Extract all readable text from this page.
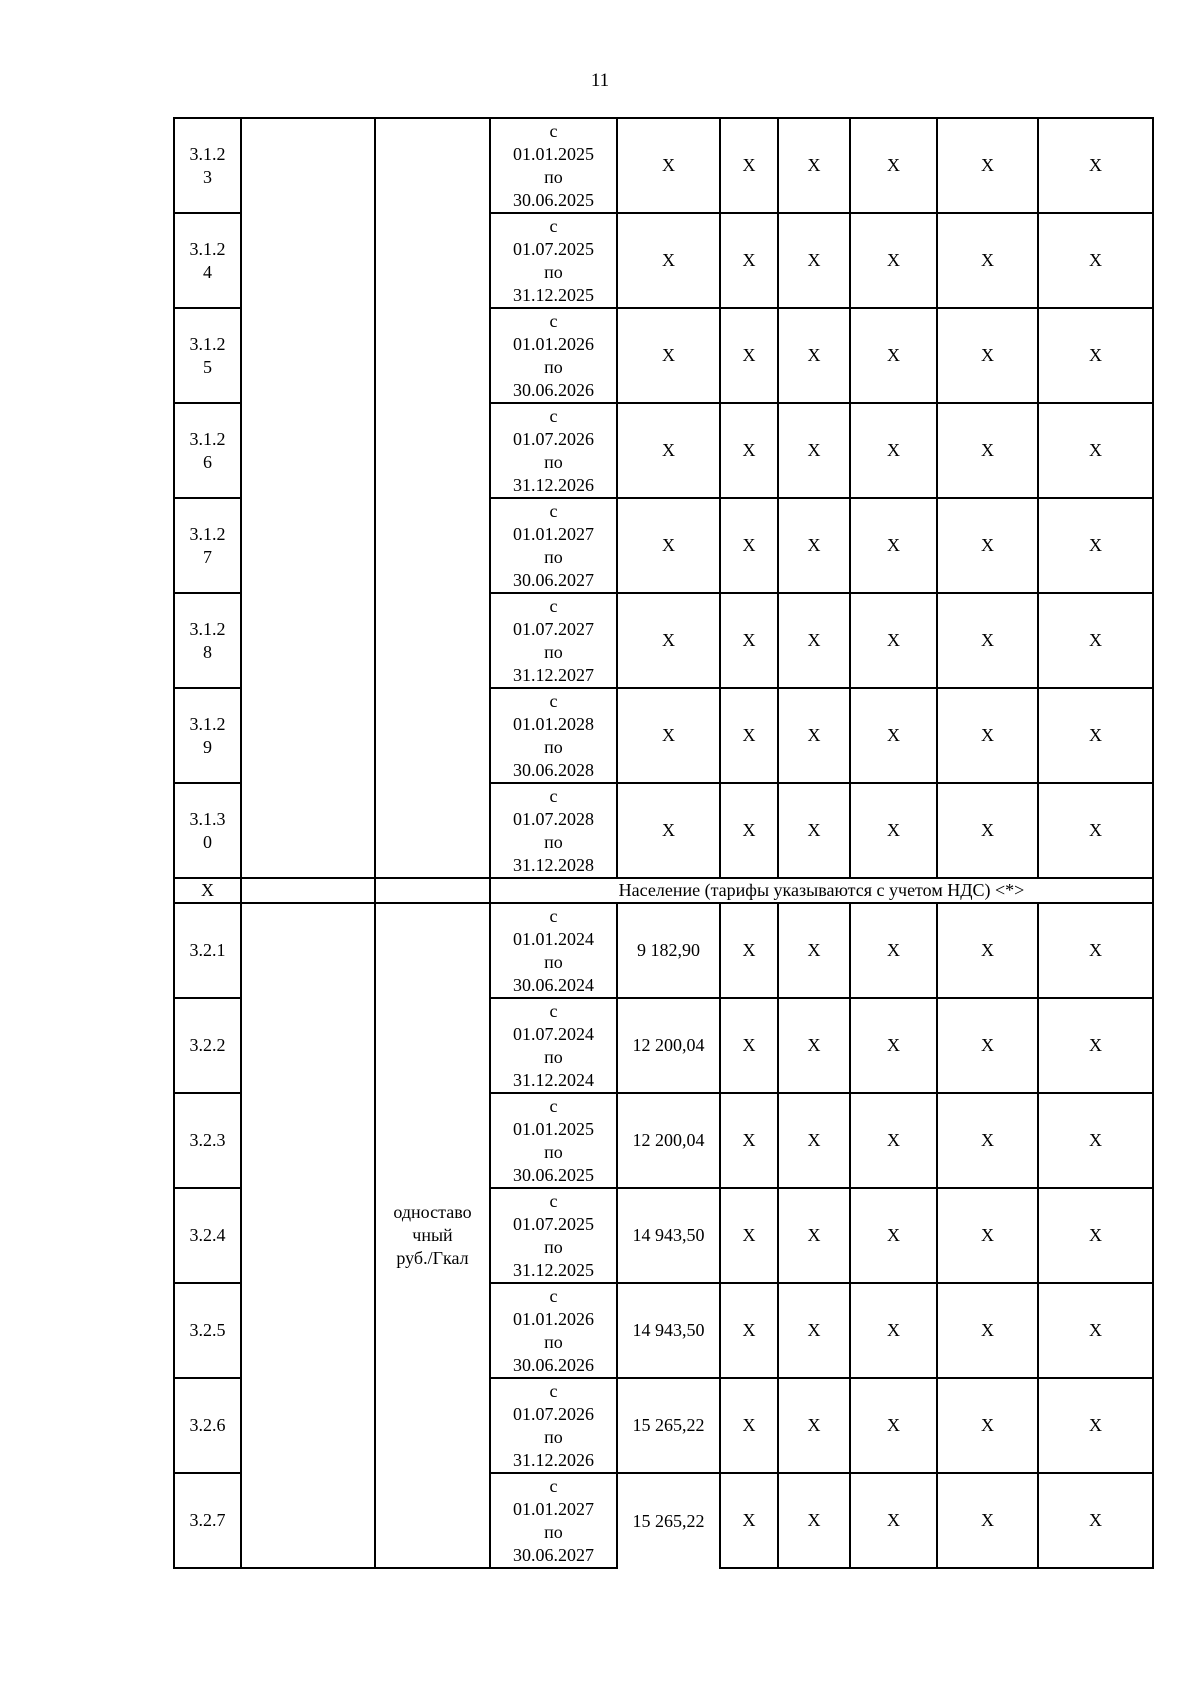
11
3.1.2
3			с
01.01.2025
по
30.06.2025	Х	Х	Х	Х	Х	Х
3.1.2
4			с
01.07.2025
по
31.12.2025	Х	Х	Х	Х	Х	Х
3.1.2
5			с
01.01.2026
по
30.06.2026	Х	Х	Х	Х	Х	Х
3.1.2
6			с
01.07.2026
по
31.12.2026	Х	Х	Х	Х	Х	Х
3.1.2
7			с
01.01.2027
по
30.06.2027	Х	Х	Х	Х	Х	Х
3.1.2
8			с
01.07.2027
по
31.12.2027	Х	Х	Х	Х	Х	Х
3.1.2
9			с
01.01.2028
по
30.06.2028	Х	Х	Х	Х	Х	Х
3.1.3
0			с
01.07.2028
по
31.12.2028	Х	Х	Х	Х	Х	Х
Х			Население (тарифы указываются с учетом НДС) <*>						
3.2.1		одноставо
чный
руб./Гкал	с
01.01.2024
по
30.06.2024	9 182,90	Х	Х	Х	Х	Х
3.2.2			с
01.07.2024
по
31.12.2024	12 200,04	Х	Х	Х	Х	Х
3.2.3			с
01.01.2025
по
30.06.2025	12 200,04	Х	Х	Х	Х	Х
3.2.4			с
01.07.2025
по
31.12.2025	14 943,50	Х	Х	Х	Х	Х
3.2.5			с
01.01.2026
по
30.06.2026	14 943,50	Х	Х	Х	Х	Х
3.2.6			с
01.07.2026
по
31.12.2026	15 265,22	Х	Х	Х	Х	Х
3.2.7			с
01.01.2027
по
30.06.2027	15 265,22	Х	Х	Х	Х	Х
